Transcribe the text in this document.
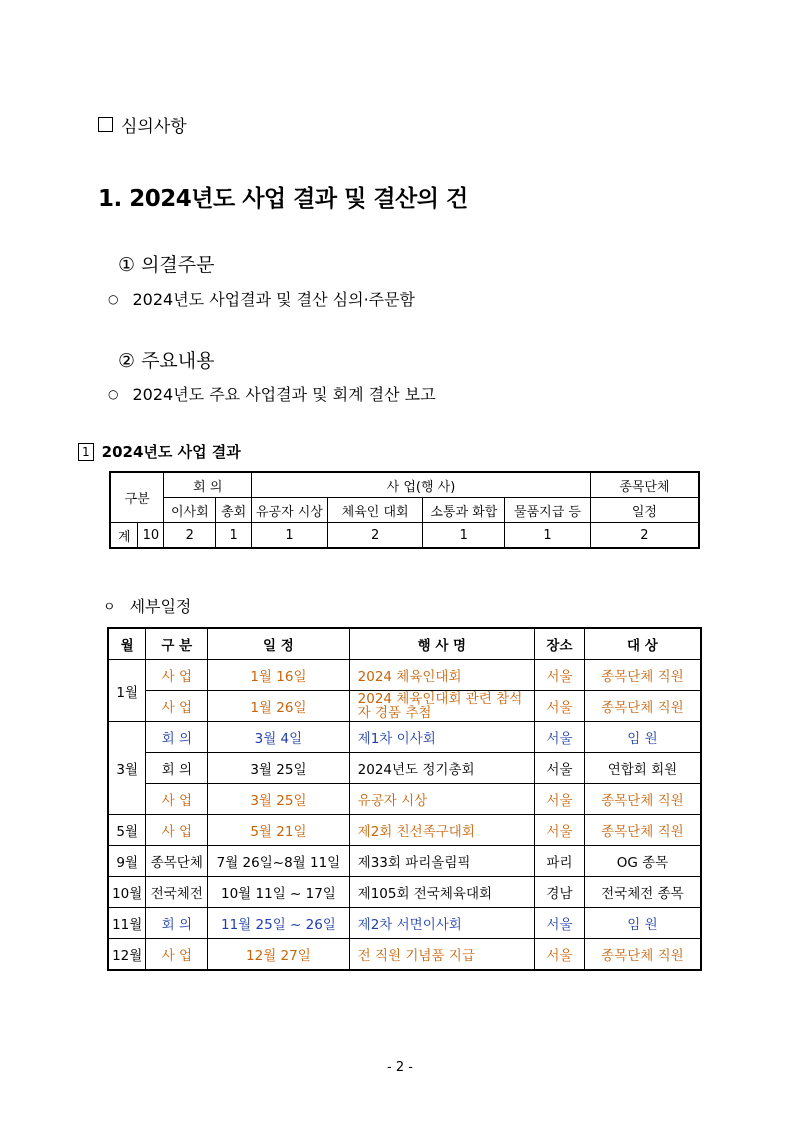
심의사항
1. 2024년도 사업 결과 및 결산의 건
① 의결주문
○ 2024년도 사업결과 및 결산 심의·주문함
② 주요내용
○ 2024년도 주요 사업결과 및 회계 결산 보고
1 2024년도 사업 결과
구분		회 의		사 업(행 사)				종목단체
		이사회	총회	유공자 시상	체육인 대회	소통과 화합	물품지급 등	일정
계	10	2	1	1	2	1	1	2
ㅇ 세부일정
월	구 분	일 정	행 사 명	장소	대 상
1월	사 업	1월 16일	2024 체육인대회	서울	종목단체 직원
	사 업	1월 26일	2024 체육인대회 관련 참석자 경품 추첨	서울	종목단체 직원
3월	회 의	3월 4일	제1차 이사회	서울	임 원
	회 의	3월 25일	2024년도 정기총회	서울	연합회 회원
	사 업	3월 25일	유공자 시상	서울	종목단체 직원
5월	사 업	5월 21일	제2회 친선족구대회	서울	종목단체 직원
9월	종목단체	7월 26일~8월 11일	제33회 파리올림픽	파리	OG 종목
10월	전국체전	10월 11일 ~ 17일	제105회 전국체육대회	경남	전국체전 종목
11월	회 의	11월 25일 ~ 26일	제2차 서면이사회	서울	임 원
12월	사 업	12월 27일	전 직원 기념품 지급	서울	종목단체 직원
- 2 -
